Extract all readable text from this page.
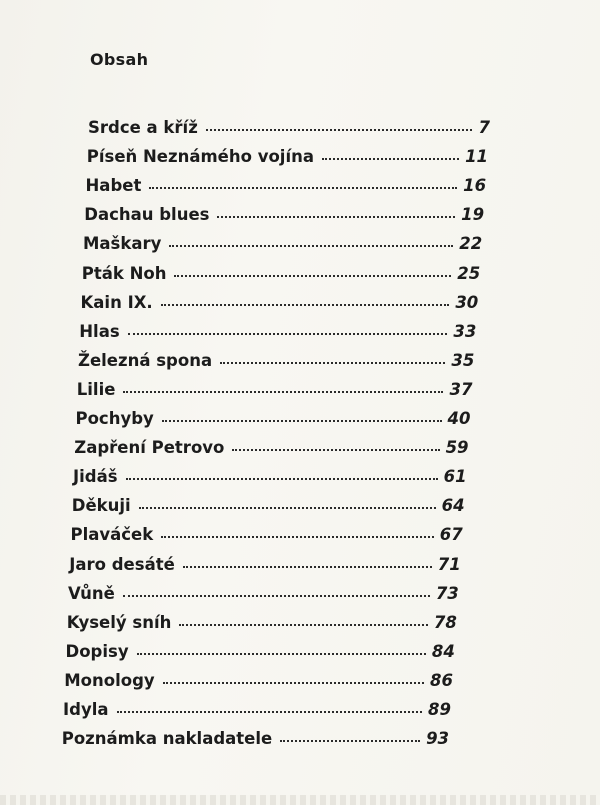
Obsah
Srdce a kříž	7
Píseň Neznámého vojína	11
Habet	16
Dachau blues	19
Maškary	22
Pták Noh	25
Kain IX.	30
Hlas	33
Železná spona	35
Lilie	37
Pochyby	40
Zapření Petrovo	59
Jidáš	61
Děkuji	64
Plaváček	67
Jaro desáté	71
Vůně	73
Kyselý sníh	78
Dopisy	84
Monology	86
Idyla	89
Poznámka nakladatele	93
